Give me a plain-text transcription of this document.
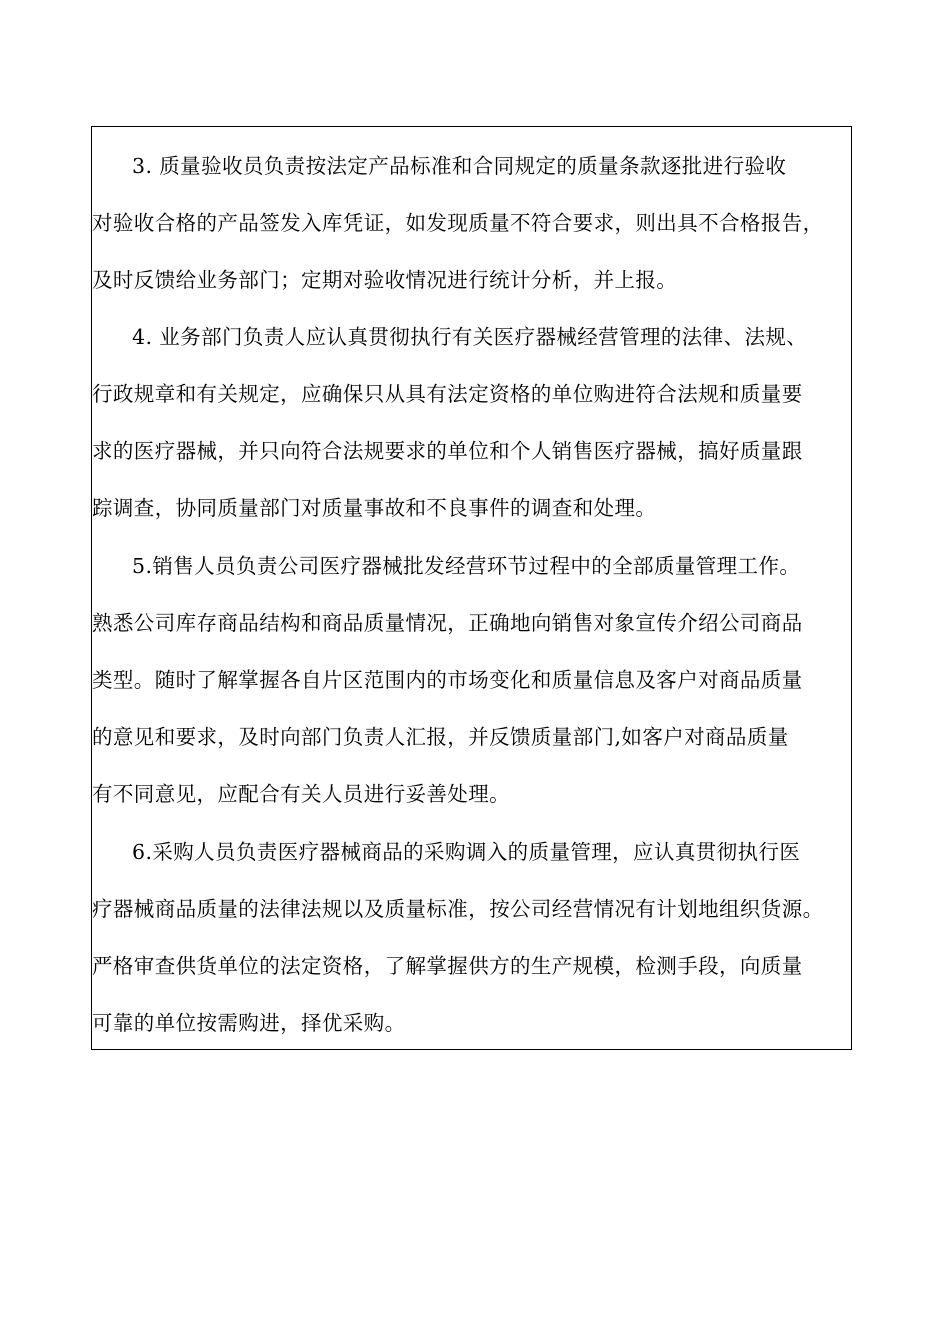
3. 质量验收员负责按法定产品标准和合同规定的质量条款逐批进行验收
对验收合格的产品签发入库凭证，如发现质量不符合要求，则出具不合格报告，
及时反馈给业务部门；定期对验收情况进行统计分析，并上报。
4. 业务部门负责人应认真贯彻执行有关医疗器械经营管理的法律、法规、
行政规章和有关规定，应确保只从具有法定资格的单位购进符合法规和质量要
求的医疗器械，并只向符合法规要求的单位和个人销售医疗器械，搞好质量跟
踪调查，协同质量部门对质量事故和不良事件的调查和处理。
5.销售人员负责公司医疗器械批发经营环节过程中的全部质量管理工作。
熟悉公司库存商品结构和商品质量情况，正确地向销售对象宣传介绍公司商品
类型。随时了解掌握各自片区范围内的市场变化和质量信息及客户对商品质量
的意见和要求，及时向部门负责人汇报，并反馈质量部门,如客户对商品质量
有不同意见，应配合有关人员进行妥善处理。
6.采购人员负责医疗器械商品的采购调入的质量管理，应认真贯彻执行医
疗器械商品质量的法律法规以及质量标准，按公司经营情况有计划地组织货源。
严格审查供货单位的法定资格，了解掌握供方的生产规模，检测手段，向质量
可靠的单位按需购进，择优采购。
